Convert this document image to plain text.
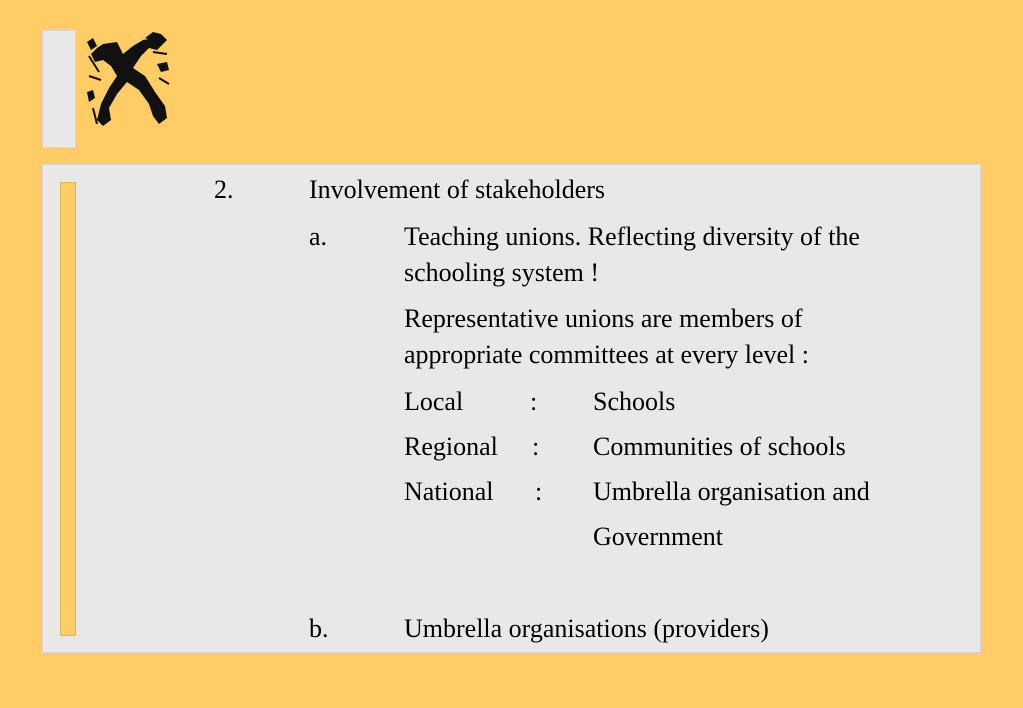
2.	Involvement of stakeholders
a.	Teaching unions. Reflecting diversity of the
schooling system !
Representative unions are members of
appropriate committees at every level :
Local	: Schools
Regional : Communities of schools
National : Umbrella organisation and
Government
b.	Umbrella organisations (providers)
